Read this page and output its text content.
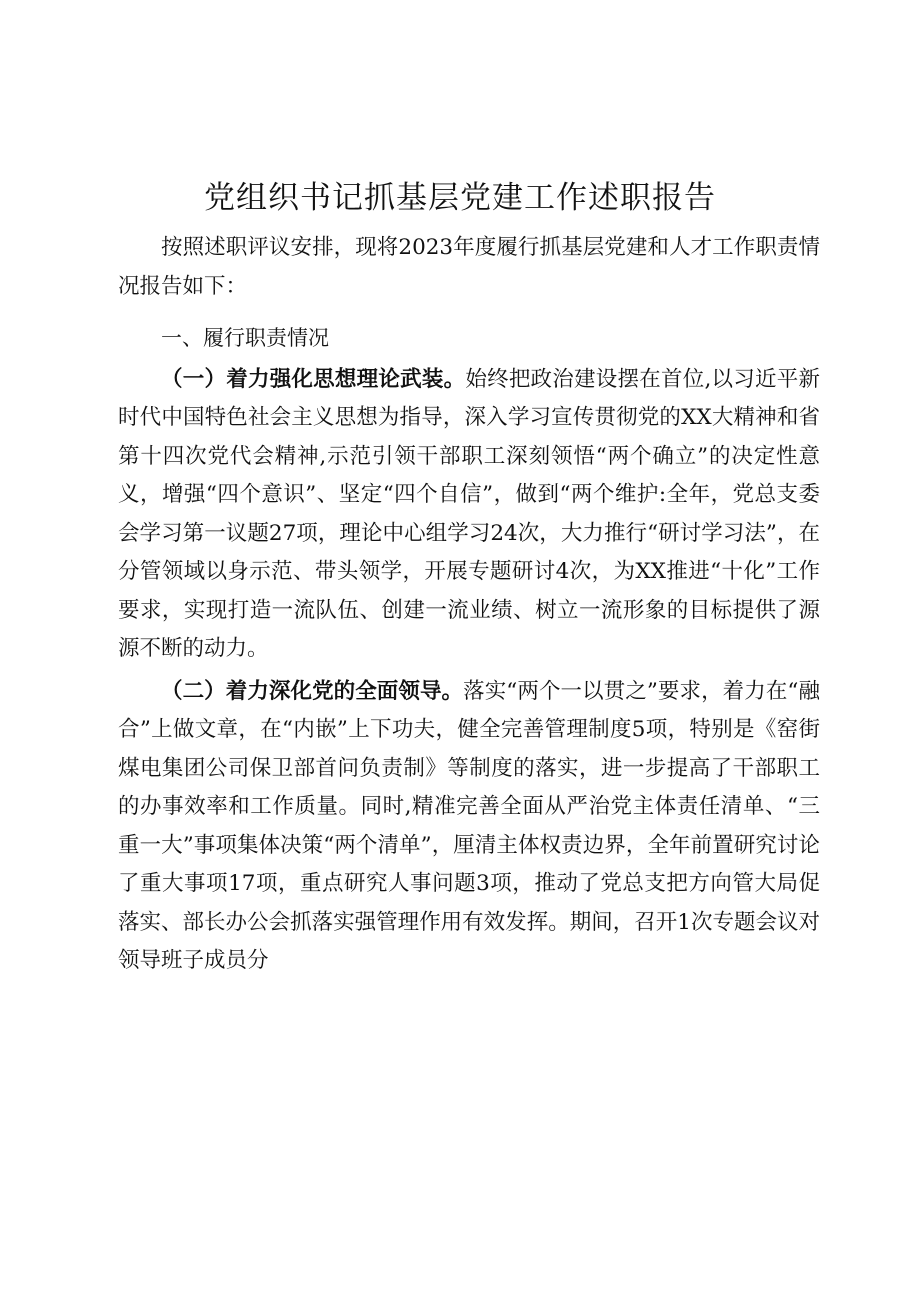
党组织书记抓基层党建工作述职报告

按照述职评议安排，现将2023年度履行抓基层党建和人才工作职责情况报告如下：

一、履行职责情况

（一）着力强化思想理论武装。始终把政治建设摆在首位,以习近平新时代中国特色社会主义思想为指导，深入学习宣传贯彻党的XX大精神和省第十四次党代会精神,示范引领干部职工深刻领悟“两个确立”的决定性意义，增强“四个意识”、坚定“四个自信”，做到“两个维护:全年，党总支委会学习第一议题27项，理论中心组学习24次，大力推行“研讨学习法”，在分管领域以身示范、带头领学，开展专题研讨4次，为XX推进“十化”工作要求，实现打造一流队伍、创建一流业绩、树立一流形象的目标提供了源源不断的动力。

（二）着力深化党的全面领导。落实“两个一以贯之”要求，着力在“融合”上做文章，在“内嵌”上下功夫，健全完善管理制度5项，特别是《窑街煤电集团公司保卫部首问负责制》等制度的落实，进一步提高了干部职工的办事效率和工作质量。同时,精准完善全面从严治党主体责任清单、“三重一大”事项集体决策“两个清单”，厘清主体权责边界，全年前置研究讨论了重大事项17项，重点研究人事问题3项，推动了党总支把方向管大局促落实、部长办公会抓落实强管理作用有效发挥。期间，召开1次专题会议对领导班子成员分
